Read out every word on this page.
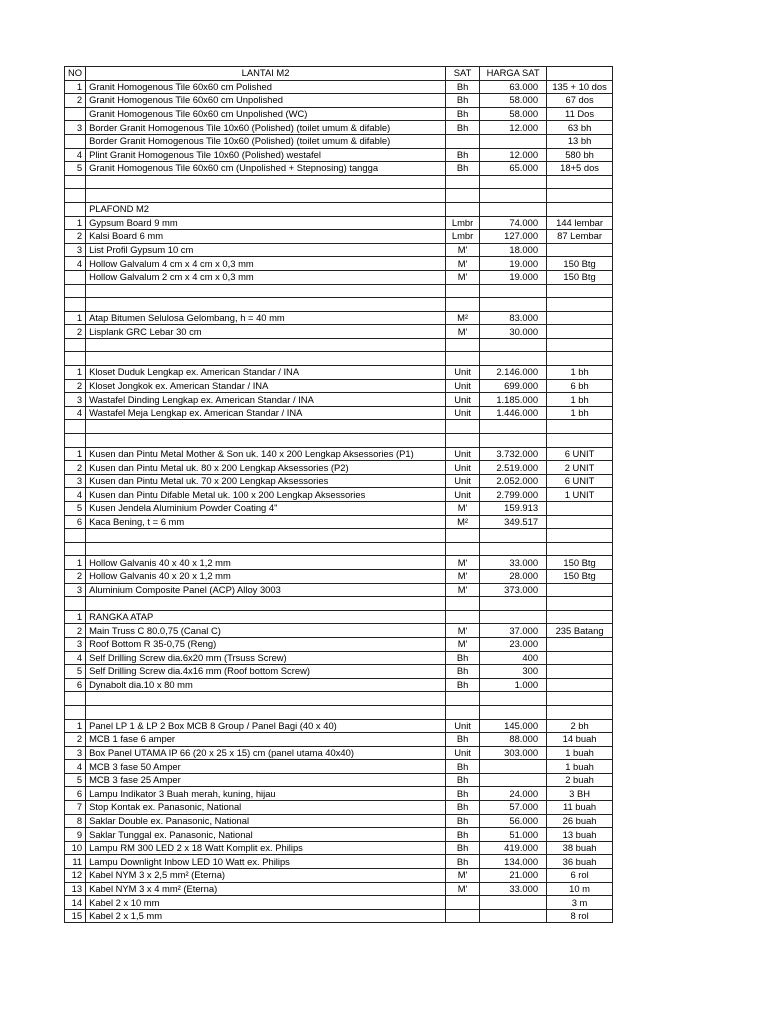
NO	LANTAI M2	SAT	HARGA SAT	
1	Granit Homogenous Tile 60x60 cm Polished	Bh	63.000	135 + 10 dos
2	Granit Homogenous Tile 60x60 cm Unpolished	Bh	58.000	67 dos
	Granit Homogenous Tile 60x60 cm Unpolished (WC)	Bh	58.000	11 Dos
3	Border Granit Homogenous Tile 10x60 (Polished) (toilet umum & difable)	Bh	12.000	63 bh
	Border Granit Homogenous Tile 10x60 (Polished) (toilet umum & difable)			13 bh
4	Plint Granit Homogenous Tile 10x60 (Polished) westafel	Bh	12.000	580 bh
5	Granit Homogenous Tile 60x60 cm (Unpolished + Stepnosing) tangga	Bh	65.000	18+5 dos

	PLAFOND M2			
1	Gypsum Board 9 mm	Lmbr	74.000	144 lembar
2	Kalsi Board 6 mm	Lmbr	127.000	87 Lembar
3	List Profil Gypsum 10 cm	M'	18.000	
4	Hollow Galvalum 4 cm x 4 cm x 0,3 mm	M'	19.000	150 Btg
	Hollow Galvalum 2 cm x 4 cm x 0,3 mm	M'	19.000	150 Btg

1	Atap Bitumen Selulosa Gelombang, h = 40 mm	M²	83.000	
2	Lisplank GRC Lebar 30 cm	M'	30.000	

1	Kloset Duduk Lengkap ex. American Standar / INA	Unit	2.146.000	1 bh
2	Kloset Jongkok ex. American Standar / INA	Unit	699.000	6 bh
3	Wastafel Dinding Lengkap ex. American Standar / INA	Unit	1.185.000	1 bh
4	Wastafel Meja Lengkap ex. American Standar / INA	Unit	1.446.000	1 bh

1	Kusen dan Pintu Metal Mother & Son uk. 140 x 200 Lengkap Aksessories (P1)	Unit	3.732.000	6 UNIT
2	Kusen dan Pintu Metal uk. 80 x 200 Lengkap Aksessories (P2)	Unit	2.519.000	2 UNIT
3	Kusen dan Pintu Metal uk. 70 x 200 Lengkap Aksessories	Unit	2.052.000	6 UNIT
4	Kusen dan Pintu Difable Metal uk. 100 x 200 Lengkap Aksessories	Unit	2.799.000	1 UNIT
5	Kusen Jendela Aluminium Powder Coating 4"	M'	159.913	
6	Kaca Bening, t = 6 mm	M²	349.517	

1	Hollow Galvanis 40 x 40 x 1,2 mm	M'	33.000	150 Btg
2	Hollow Galvanis 40 x 20 x 1,2 mm	M'	28.000	150 Btg
3	Aluminium Composite Panel (ACP) Alloy 3003	M'	373.000	

1	RANGKA ATAP			
2	Main Truss C 80.0,75 (Canal C)	M'	37.000	235 Batang
3	Roof Bottom R 35-0,75 (Reng)	M'	23.000	
4	Self Drilling Screw dia.6x20 mm (Trsuss Screw)	Bh	400	
5	Self Drilling Screw dia.4x16 mm (Roof bottom Screw)	Bh	300	
6	Dynabolt dia.10 x 80 mm	Bh	1.000	

1	Panel LP 1 & LP 2 Box MCB 8 Group / Panel Bagi (40 x 40)	Unit	145.000	2 bh
2	MCB 1 fase 6 amper	Bh	88.000	14 buah
3	Box Panel UTAMA IP 66 (20 x 25 x 15) cm (panel utama 40x40)	Unit	303.000	1 buah
4	MCB 3 fase 50 Amper	Bh		1 buah
5	MCB 3 fase 25 Amper	Bh		2 buah
6	Lampu Indikator 3 Buah merah, kuning, hijau	Bh	24.000	3 BH
7	Stop Kontak ex. Panasonic, National	Bh	57.000	11 buah
8	Saklar Double ex. Panasonic, National	Bh	56.000	26 buah
9	Saklar Tunggal ex. Panasonic, National	Bh	51.000	13 buah
10	Lampu RM 300 LED 2 x 18 Watt Komplit ex. Philips	Bh	419.000	38 buah
11	Lampu Downlight Inbow LED 10 Watt ex. Philips	Bh	134.000	36 buah
12	Kabel NYM 3 x 2,5 mm² (Eterna)	M'	21.000	6 rol
13	Kabel NYM 3 x 4 mm² (Eterna)	M'	33.000	10 m
14	Kabel 2 x 10 mm			3 m
15	Kabel 2 x 1,5 mm			8 rol
